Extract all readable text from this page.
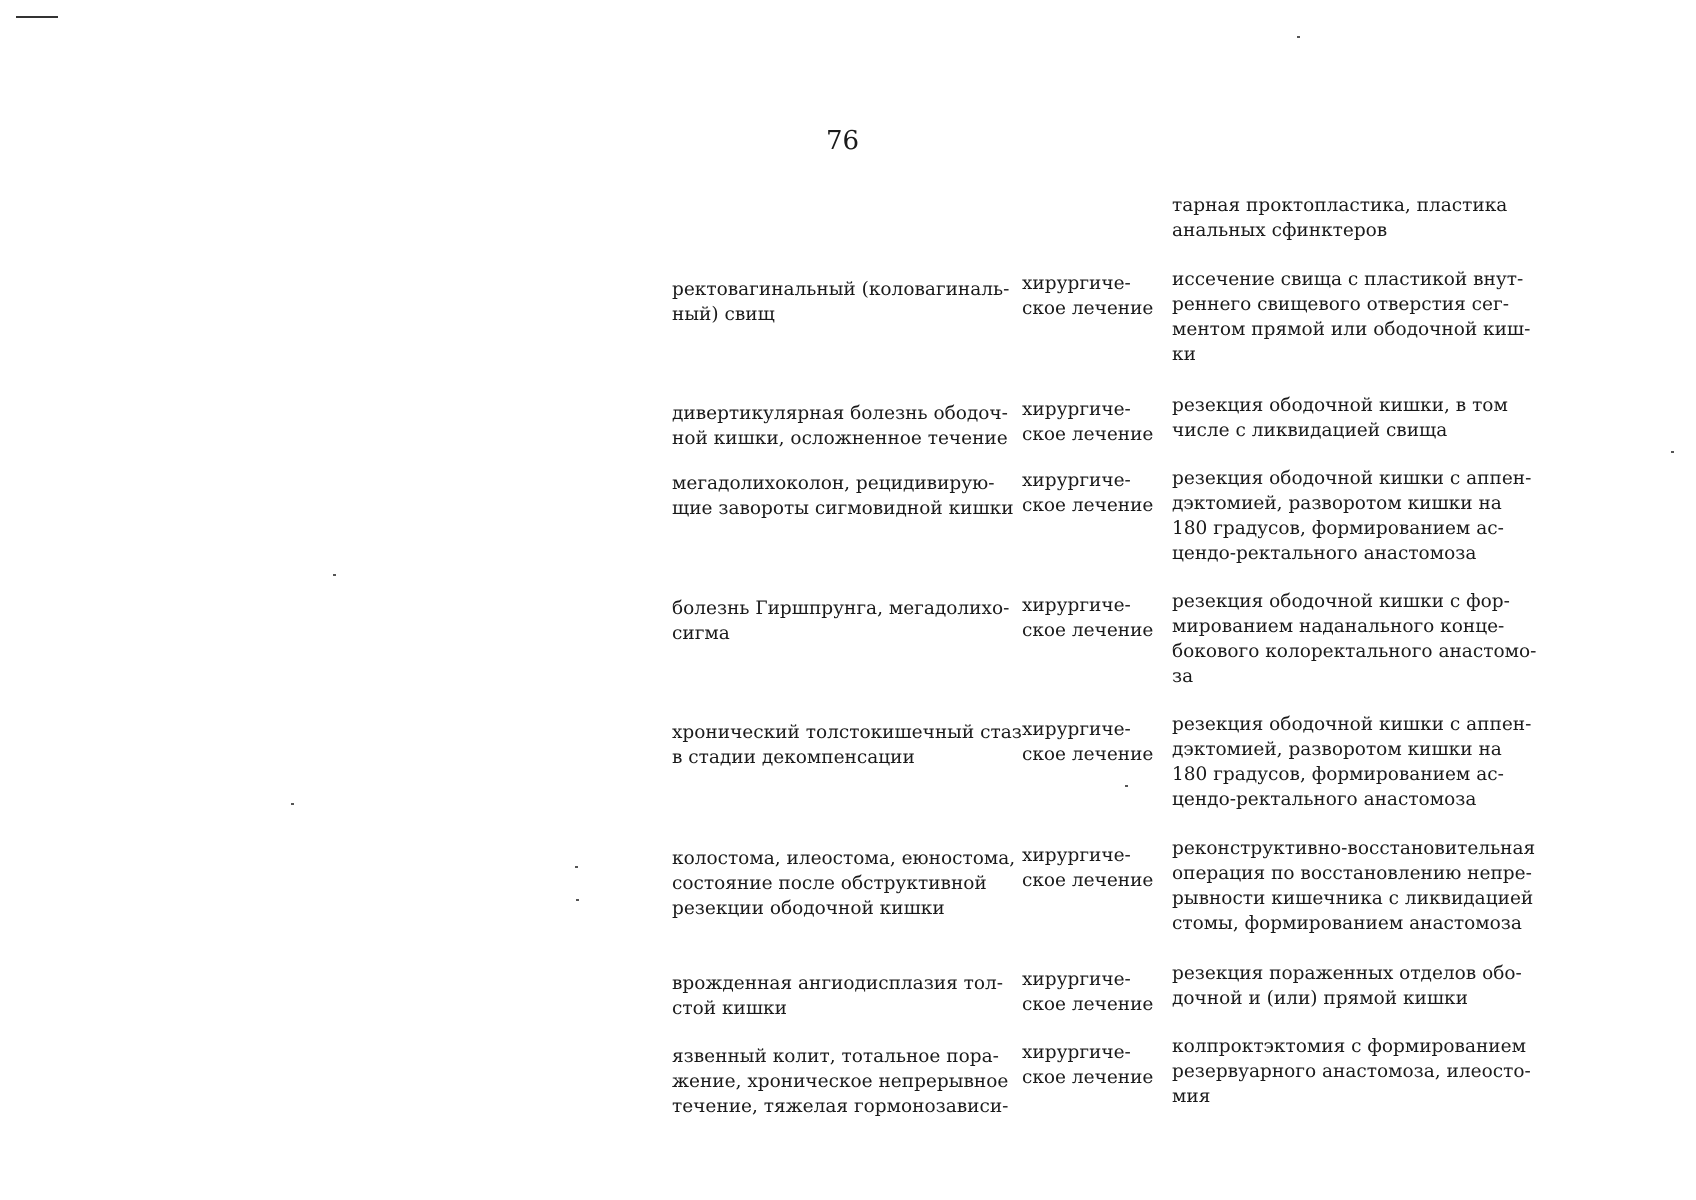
76
тарная проктопластика, пластика
анальных сфинктеров
ректовагинальный (коловагиналь-
ный) свищ
хирургиче-
ское лечение
иссечение свища с пластикой внут-
реннего свищевого отверстия сег-
ментом прямой или ободочной киш-
ки
дивертикулярная болезнь ободоч-
ной кишки, осложненное течение
хирургиче-
ское лечение
резекция ободочной кишки, в том
числе с ликвидацией свища
мегадолихоколон, рецидивирую-
щие завороты сигмовидной кишки
хирургиче-
ское лечение
резекция ободочной кишки с аппен-
дэктомией, разворотом кишки на
180 градусов, формированием ас-
цендо-ректального анастомоза
болезнь Гиршпрунга, мегадолихо-
сигма
хирургиче-
ское лечение
резекция ободочной кишки с фор-
мированием наданального конце-
бокового колоректального анастомо-
за
хронический толстокишечный стаз
в стадии декомпенсации
хирургиче-
ское лечение
резекция ободочной кишки с аппен-
дэктомией, разворотом кишки на
180 градусов, формированием ас-
цендо-ректального анастомоза
колостома, илеостома, еюностома,
состояние после обструктивной
резекции ободочной кишки
хирургиче-
ское лечение
реконструктивно-восстановительная
операция по восстановлению непре-
рывности кишечника с ликвидацией
стомы, формированием анастомоза
врожденная ангиодисплазия тол-
стой кишки
хирургиче-
ское лечение
резекция пораженных отделов обо-
дочной и (или) прямой кишки
язвенный колит, тотальное пора-
жение, хроническое непрерывное
течение, тяжелая гормонозависи-
хирургиче-
ское лечение
колпроктэктомия с формированием
резервуарного анастомоза, илеосто-
мия
